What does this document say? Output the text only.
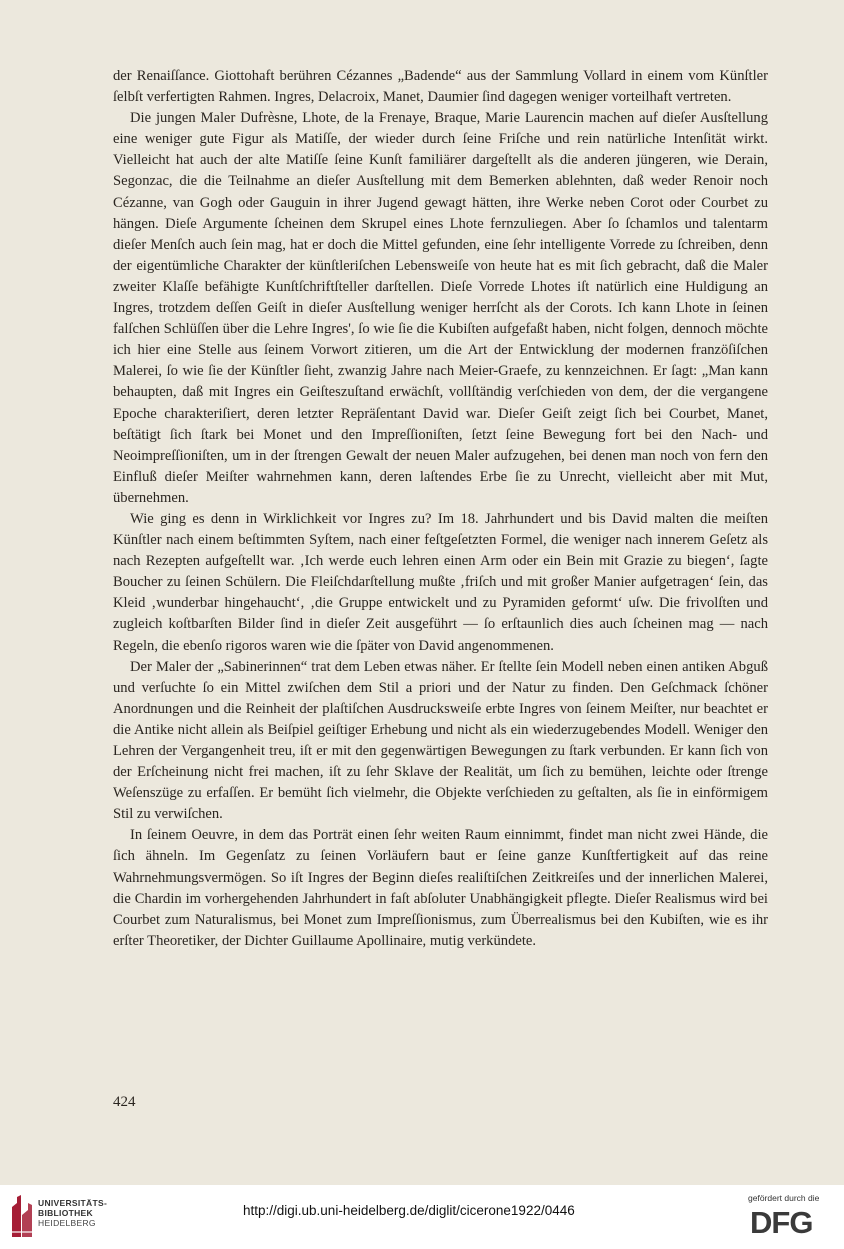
der Renaiſſance. Giottohaft berühren Cézannes „Badende“ aus der Sammlung Vollard in einem vom Künſtler ſelbſt verfertigten Rahmen. Ingres, Delacroix, Manet, Daumier ſind dagegen weniger vorteilhaft vertreten.

Die jungen Maler Dufrèsne, Lhote, de la Frenaye, Braque, Marie Laurencin machen auf dieſer Ausſtellung eine weniger gute Figur als Matiſſe, der wieder durch ſeine Friſche und rein natürliche Intenſität wirkt. Vielleicht hat auch der alte Matiſſe ſeine Kunſt familiärer dargeſtellt als die anderen jüngeren, wie Derain, Segonzac, die die Teilnahme an dieſer Ausſtellung mit dem Bemerken ablehnten, daß weder Renoir noch Cézanne, van Gogh oder Gauguin in ihrer Jugend gewagt hätten, ihre Werke neben Corot oder Courbet zu hängen. Dieſe Argumente ſcheinen dem Skrupel eines Lhote fernzuliegen. Aber ſo ſchamlos und talentarm dieſer Menſch auch ſein mag, hat er doch die Mittel gefunden, eine ſehr intelligente Vorrede zu ſchreiben, denn der eigentümliche Charakter der künſtleriſchen Lebensweiſe von heute hat es mit ſich gebracht, daß die Maler zweiter Klaſſe befähigte Kunſtſchriftſteller darſtellen. Dieſe Vorrede Lhotes iſt natürlich eine Huldigung an Ingres, trotzdem deſſen Geiſt in dieſer Ausſtellung weniger herrſcht als der Corots. Ich kann Lhote in ſeinen falſchen Schlüſſen über die Lehre Ingres', ſo wie ſie die Kubiſten aufgefaßt haben, nicht folgen, dennoch möchte ich hier eine Stelle aus ſeinem Vorwort zitieren, um die Art der Entwicklung der modernen franzöſiſchen Malerei, ſo wie ſie der Künſtler ſieht, zwanzig Jahre nach Meier-Graefe, zu kennzeichnen. Er ſagt: „Man kann behaupten, daß mit Ingres ein Geiſteszuſtand erwächſt, vollſtändig verſchieden von dem, der die vergangene Epoche charakteriſiert, deren letzter Repräſentant David war. Dieſer Geiſt zeigt ſich bei Courbet, Manet, beſtätigt ſich ſtark bei Monet und den Impreſſioniſten, ſetzt ſeine Bewegung fort bei den Nach- und Neoimpreſſioniſten, um in der ſtrengen Gewalt der neuen Maler aufzugehen, bei denen man noch von fern den Einfluß dieſer Meiſter wahrnehmen kann, deren laſtendes Erbe ſie zu Unrecht, vielleicht aber mit Mut, übernehmen.

Wie ging es denn in Wirklichkeit vor Ingres zu? Im 18. Jahrhundert und bis David malten die meiſten Künſtler nach einem beſtimmten Syſtem, nach einer feſtgeſetzten Formel, die weniger nach innerem Geſetz als nach Rezepten aufgeſtellt war. ‚Ich werde euch lehren einen Arm oder ein Bein mit Grazie zu biegen‘, ſagte Boucher zu ſeinen Schülern. Die Fleiſchdarſtellung mußte ‚friſch und mit großer Manier aufgetragen‘ ſein, das Kleid ‚wunderbar hingehaucht‘, ‚die Gruppe entwickelt und zu Pyramiden geformt‘ uſw. Die frivolſten und zugleich koſtbarſten Bilder ſind in dieſer Zeit ausgeführt — ſo erſtaunlich dies auch ſcheinen mag — nach Regeln, die ebenſo rigoros waren wie die ſpäter von David angenommenen.

Der Maler der „Sabinerinnen“ trat dem Leben etwas näher. Er ſtellte ſein Modell neben einen antiken Abguß und verſuchte ſo ein Mittel zwiſchen dem Stil a priori und der Natur zu finden. Den Geſchmack ſchöner Anordnungen und die Reinheit der plaſtiſchen Ausdrucksweiſe erbte Ingres von ſeinem Meiſter, nur beachtet er die Antike nicht allein als Beiſpiel geiſtiger Erhebung und nicht als ein wiederzugebendes Modell. Weniger den Lehren der Vergangenheit treu, iſt er mit den gegenwärtigen Bewegungen zu ſtark verbunden. Er kann ſich von der Erſcheinung nicht frei machen, iſt zu ſehr Sklave der Realität, um ſich zu bemühen, leichte oder ſtrenge Weſenszüge zu erfaſſen. Er bemüht ſich vielmehr, die Objekte verſchieden zu geſtalten, als ſie in einförmigem Stil zu verwiſchen.

In ſeinem Oeuvre, in dem das Porträt einen ſehr weiten Raum einnimmt, findet man nicht zwei Hände, die ſich ähneln. Im Gegenſatz zu ſeinen Vorläufern baut er ſeine ganze Kunſtfertigkeit auf das reine Wahrnehmungsvermögen. So iſt Ingres der Beginn dieſes realiſtiſchen Zeitkreiſes und der innerlichen Malerei, die Chardin im vorhergehenden Jahrhundert in faſt abſoluter Unabhängigkeit pflegte. Dieſer Realismus wird bei Courbet zum Naturalismus, bei Monet zum Impreſſionismus, zum Überrealismus bei den Kubiſten, wie es ihr erſter Theoretiker, der Dichter Guillaume Apollinaire, mutig verkündete.

424
UNIVERSITÄTS-
BIBLIOTHEK
HEIDELBERG
http://digi.ub.uni-heidelberg.de/diglit/cicerone1922/0446
gefördert durch die
DFG
